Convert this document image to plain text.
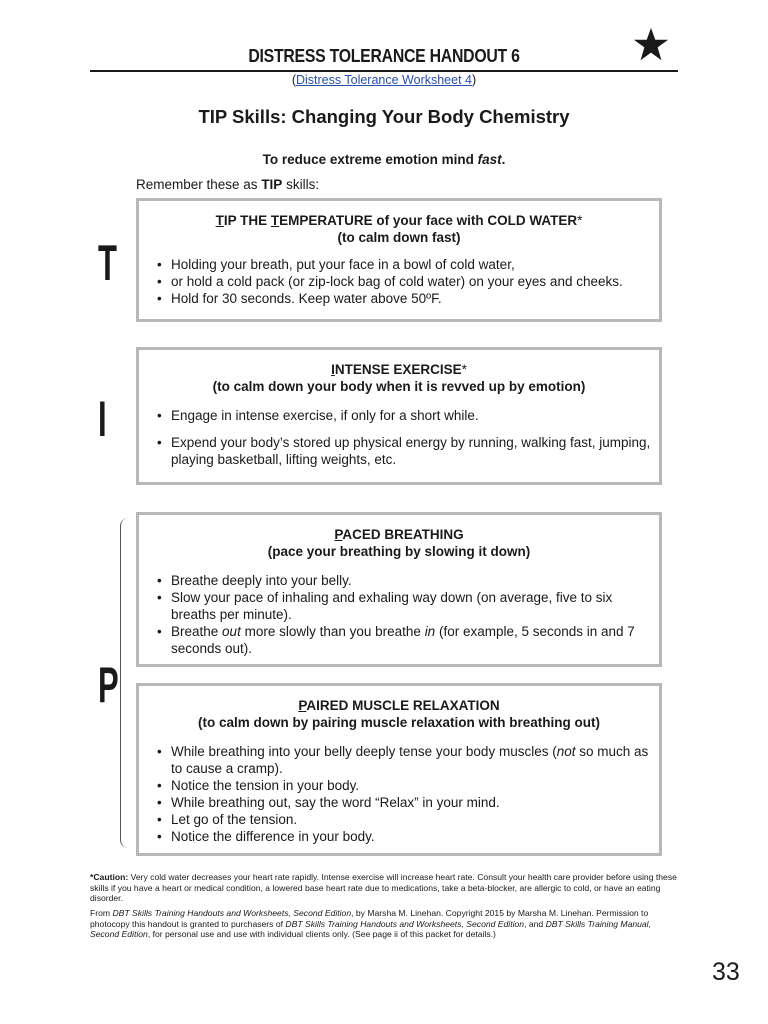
DISTRESS TOLERANCE HANDOUT 6
(Distress Tolerance Worksheet 4)
TIP Skills: Changing Your Body Chemistry
To reduce extreme emotion mind fast.
Remember these as TIP skills:
T
I
P
TIP THE TEMPERATURE of your face with COLD WATER*
(to calm down fast)
• Holding your breath, put your face in a bowl of cold water,
• or hold a cold pack (or zip-lock bag of cold water) on your eyes and cheeks.
• Hold for 30 seconds. Keep water above 50ºF.
INTENSE EXERCISE*
(to calm down your body when it is revved up by emotion)
• Engage in intense exercise, if only for a short while.
• Expend your body’s stored up physical energy by running, walking fast, jumping, playing basketball, lifting weights, etc.
PACED BREATHING
(pace your breathing by slowing it down)
• Breathe deeply into your belly.
• Slow your pace of inhaling and exhaling way down (on average, five to six breaths per minute).
• Breathe out more slowly than you breathe in (for example, 5 seconds in and 7 seconds out).
PAIRED MUSCLE RELAXATION
(to calm down by pairing muscle relaxation with breathing out)
• While breathing into your belly deeply tense your body muscles (not so much as to cause a cramp).
• Notice the tension in your body.
• While breathing out, say the word “Relax” in your mind.
• Let go of the tension.
• Notice the difference in your body.
*Caution: Very cold water decreases your heart rate rapidly. Intense exercise will increase heart rate. Consult your health care provider before using these skills if you have a heart or medical condition, a lowered base heart rate due to medications, take a beta-blocker, are allergic to cold, or have an eating disorder.
From DBT Skills Training Handouts and Worksheets, Second Edition, by Marsha M. Linehan. Copyright 2015 by Marsha M. Linehan. Permission to photocopy this handout is granted to purchasers of DBT Skills Training Handouts and Worksheets, Second Edition, and DBT Skills Training Manual, Second Edition, for personal use and use with individual clients only. (See page ii of this packet for details.)
33
